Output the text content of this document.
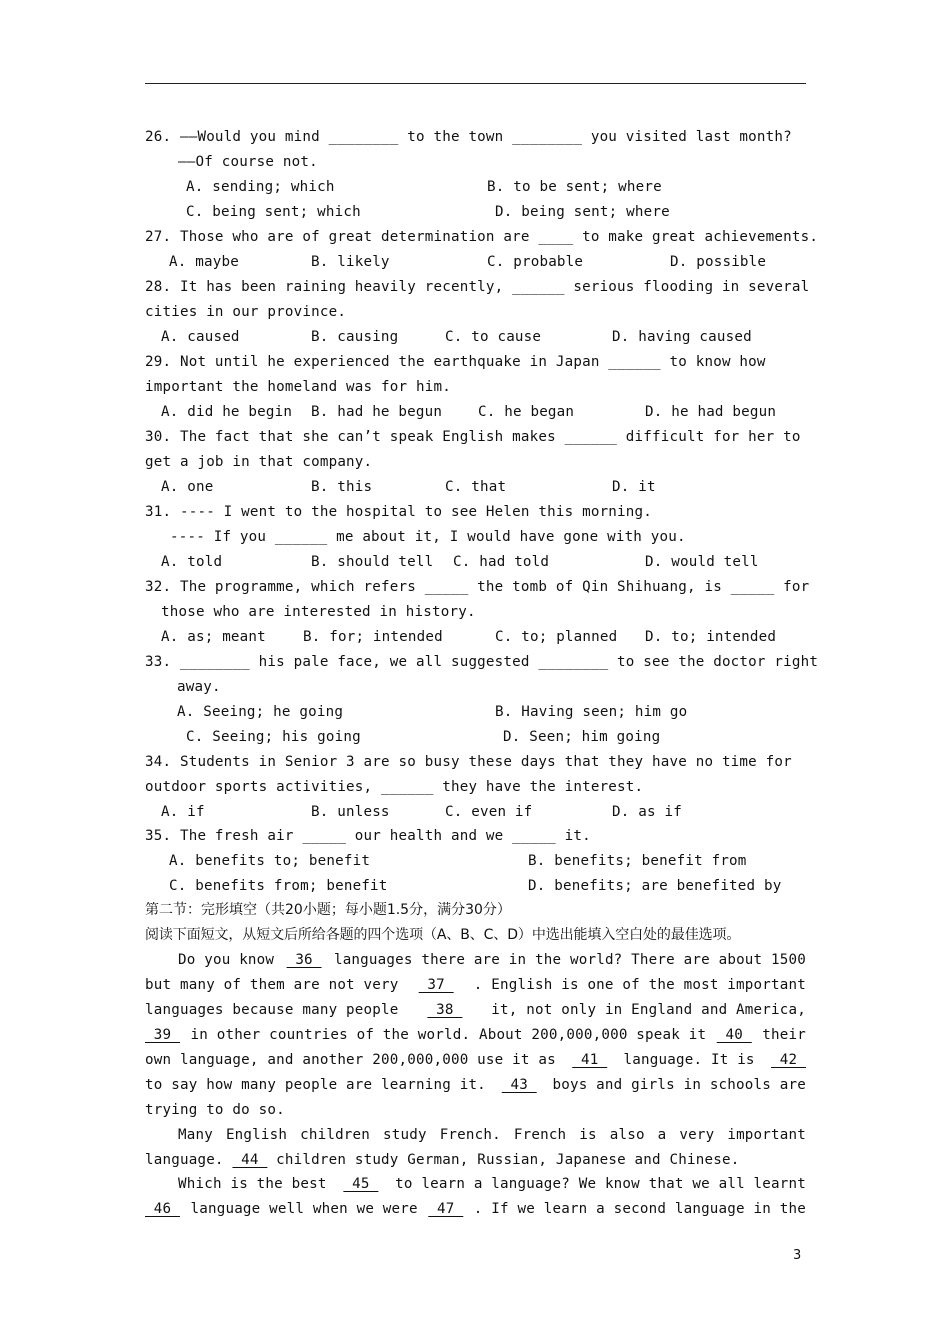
26. ——Would you mind ________ to the town ________ you visited last month?
——Of course not.
A. sending; which	B. to be sent; where
C. being sent; which	D. being sent; where
27. Those who are of great determination are ____ to make great achievements.
A. maybe	B. likely	C. probable	D. possible
28. It has been raining heavily recently, ______ serious flooding in several
cities in our province.
A. caused	B. causing	C. to cause	D. having caused
29. Not until he experienced the earthquake in Japan ______ to know how
important the homeland was for him.
A. did he begin B. had he begun	C. he began	D. he had begun
30. The fact that she can’t speak English makes ______ difficult for her to
get a job in that company.
A. one	B. this	C. that	D. it
31. ---- I went to the hospital to see Helen this morning.
---- If you ______ me about it, I would have gone with you.
A. told	B. should tell C. had told	D. would tell
32. The programme, which refers _____ the tomb of Qin Shihuang, is _____ for
those who are interested in history.
A. as; meant	B. for; intended	C. to; planned D. to; intended
33. ________ his pale face, we all suggested ________ to see the doctor right
away.
A. Seeing; he going	B. Having seen; him go
C. Seeing; his going	D. Seen; him going
34. Students in Senior 3 are so busy these days that they have no time for
outdoor sports activities, ______ they have the interest.
A. if	B. unless	C. even if	D. as if
35. The fresh air _____ our health and we _____ it.
A. benefits to; benefit	B. benefits; benefit from
C. benefits from; benefit	D. benefits; are benefited by
第二节：完形填空（共20小题；每小题1.5分，满分30分）
阅读下面短文，从短文后所给各题的四个选项（A、B、C、D）中选出能填入空白处的最佳选项。
Do you know 36 languages there are in the world? There are about 1500
but many of them are not very 37 . English is one of the most important
languages because many people 38 it, not only in England and America,
39 in other countries of the world. About 200,000,000 speak it 40 their
own language, and another 200,000,000 use it as 41 language. It is 42
to say how many people are learning it. 43 boys and girls in schools are
trying to do so.
Many English children study French. French is also a very important
language.  44  children study German, Russian, Japanese and Chinese.
Which is the best 45 to learn a language? We know that we all learnt
46 language well when we were 47 . If we learn a second language in the
3
